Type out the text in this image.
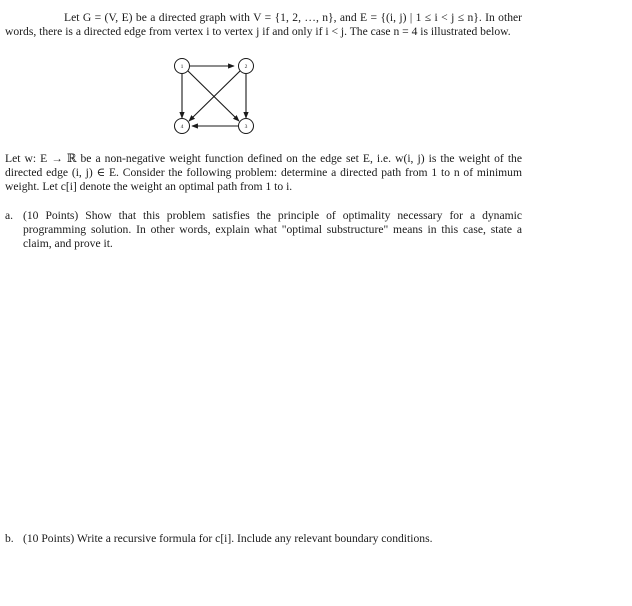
Let G = (V, E) be a directed graph with V = {1, 2, …, n}, and E = {(i, j) | 1 ≤ i < j ≤ n}. In other words, there is a directed edge from vertex i to vertex j if and only if i < j. The case n = 4 is illustrated below.

1	2
4	3

Let w: E → ℝ be a non-negative weight function defined on the edge set E, i.e. w(i, j) is the weight of the directed edge (i, j) ∈ E. Consider the following problem: determine a directed path from 1 to n of minimum weight. Let c[i] denote the weight an optimal path from 1 to i.

a. (10 Points) Show that this problem satisfies the principle of optimality necessary for a dynamic programming solution. In other words, explain what "optimal substructure" means in this case, state a claim, and prove it.
b. (10 Points) Write a recursive formula for c[i]. Include any relevant boundary conditions.
